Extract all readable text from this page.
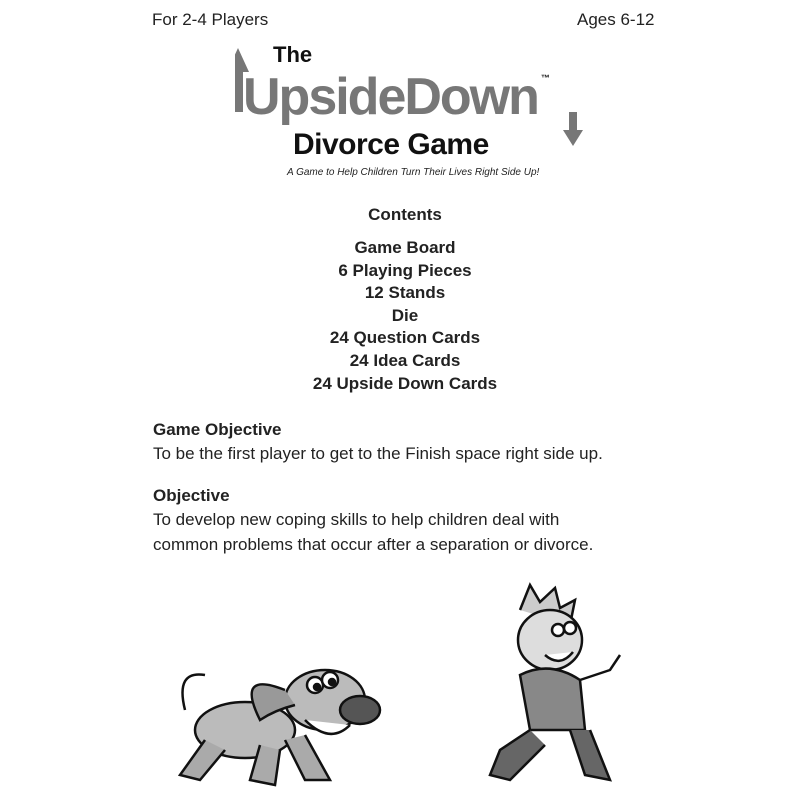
For 2-4 Players	Ages 6-12
The
UpsideDown ™
Divorce Game
A Game to Help Children Turn Their Lives Right Side Up!
Contents
Game Board
6 Playing Pieces
12 Stands
Die
24 Question Cards
24 Idea Cards
24 Upside Down Cards
Game Objective
To be the first player to get to the Finish space right side up.
Objective
To develop new coping skills to help children deal with
common problems that occur after a separation or divorce.
